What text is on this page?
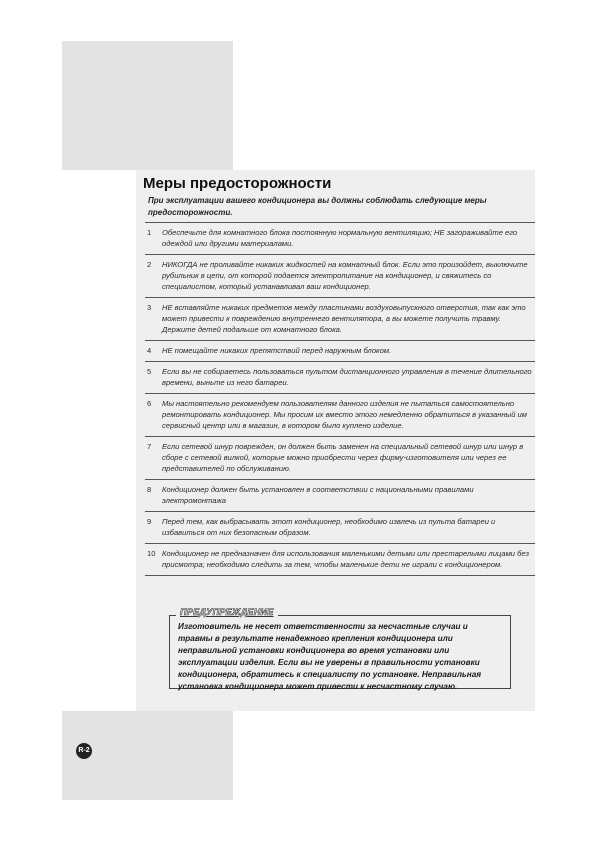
Меры предосторожности

При эксплуатации вашего кондиционера вы должны соблюдать следующие меры предосторожности.

1	Обеспечьте для комнатного блока постоянную нормальную вентиляцию; НЕ загораживайте его одеждой или другими материалами.
2	НИКОГДА не проливайте никаких жидкостей на комнатный блок. Если это произойдет, выключите рубильник в цепи, от которой подается электропитание на кондиционер, и свяжитесь со специалистом, который устанавливал ваш кондиционер.
3	НЕ вставляйте никаких предметов между пластинами воздуховыпускного отверстия, так как это может привести к повреждению внутреннего вентилятора, а вы можете получить травму. Держите детей подальше от комнатного блока.
4	НЕ помещайте никаких препятствий перед наружным блоком.
5	Если вы не собираетесь пользоваться пультом дистанционного управления в течение длительного времени, выньте из него батареи.
6	Мы настоятельно рекомендуем пользователям данного изделия не пытаться самостоятельно ремонтировать кондиционер. Мы просим их вместо этого немедленно обратиться в указанный им сервисный центр или в магазин, в котором было куплено изделие.
7	Если сетевой шнур поврежден, он должен быть заменен на специальный сетевой шнур или шнур в сборе с сетевой вилкой, которые можно приобрести через фирму-изготовителя или через ее представителей по обслуживанию.
8	Кондиционер должен быть установлен в соответствии с национальными правилами электромонтажа
9	Перед тем, как выбрасывать этот кондиционер, необходимо извлечь из пульта батареи и избавиться от них безопасным образом.
10 Кондиционер не предназначен для использования маленькими детьми или престарелыми лицами без присмотра; необходимо следить за тем, чтобы маленькие дети не играли с кондиционером.
ПРЕДУПРЕЖДЕНИЕ

Изготовитель не несет ответственности за несчастные случаи и травмы в результате ненадежного крепления кондиционера или неправильной установки кондиционера во время установки или эксплуатации изделия. Если вы не уверены в правильности установки кондиционера, обратитесь к специалисту по установке. Неправильная установка кондиционера может привести к несчастному случаю.

R-2
